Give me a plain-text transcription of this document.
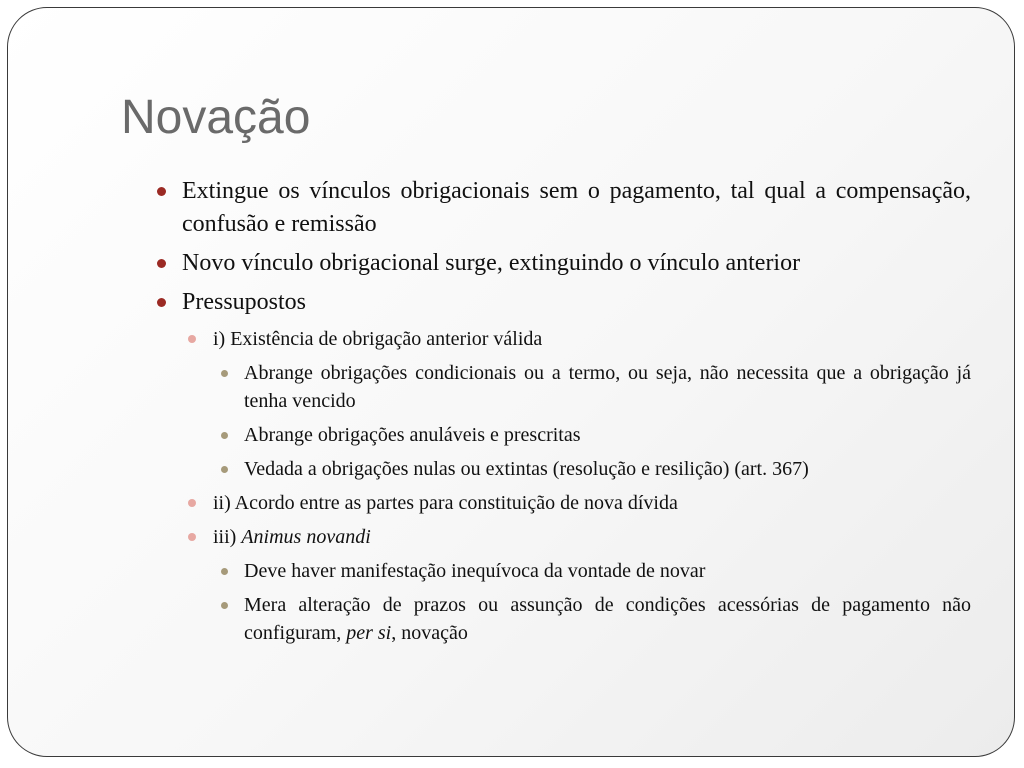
Novação
Extingue os vínculos obrigacionais sem o pagamento, tal qual a compensação, confusão e remissão
Novo vínculo obrigacional surge, extinguindo o vínculo anterior
Pressupostos
i) Existência de obrigação anterior válida
Abrange obrigações condicionais ou a termo, ou seja, não necessita que a obrigação já tenha vencido
Abrange obrigações anuláveis e prescritas
Vedada a obrigações nulas ou extintas (resolução e resilição) (art. 367)
ii) Acordo entre as partes para constituição de nova dívida
iii) Animus novandi
Deve haver manifestação inequívoca da vontade de novar
Mera alteração de prazos ou assunção de condições acessórias de pagamento não configuram, per si, novação
